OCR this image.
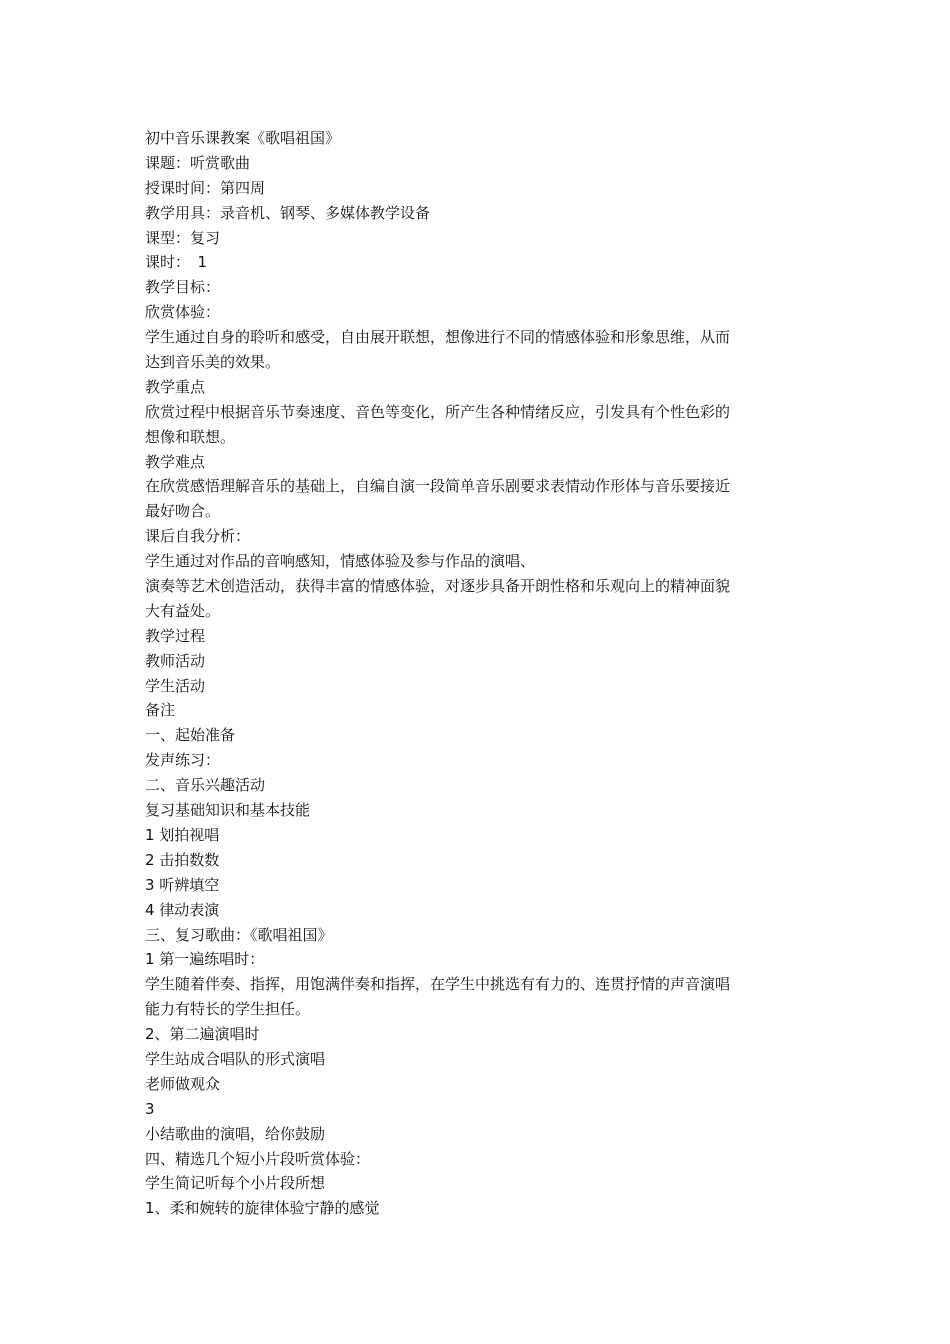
初中音乐课教案《歌唱祖国》
课题：听赏歌曲
授课时间：第四周
教学用具：录音机、钢琴、多媒体教学设备
课型：复习
课时：　1
教学目标：
欣赏体验：
学生通过自身的聆听和感受，自由展开联想，想像进行不同的情感体验和形象思维，从而
达到音乐美的效果。
教学重点
欣赏过程中根据音乐节奏速度、音色等变化，所产生各种情绪反应，引发具有个性色彩的
想像和联想。
教学难点
在欣赏感悟理解音乐的基础上，自编自演一段简单音乐剧要求表情动作形体与音乐要接近
最好吻合。
课后自我分析：
学生通过对作品的音响感知，情感体验及参与作品的演唱、
演奏等艺术创造活动，获得丰富的情感体验，对逐步具备开朗性格和乐观向上的精神面貌
大有益处。
教学过程
教师活动
学生活动
备注
一、起始准备
发声练习：
二、音乐兴趣活动
复习基础知识和基本技能
1 划拍视唱
2 击拍数数
3 听辨填空
4 律动表演
三、复习歌曲：《歌唱祖国》
1 第一遍练唱时：
学生随着伴奏、指挥，用饱满伴奏和指挥，在学生中挑选有有力的、连贯抒情的声音演唱
能力有特长的学生担任。
2、第二遍演唱时
学生站成合唱队的形式演唱
老师做观众
3
小结歌曲的演唱，给你鼓励
四、精选几个短小片段听赏体验：
学生简记听每个小片段所想
1、柔和婉转的旋律体验宁静的感觉
